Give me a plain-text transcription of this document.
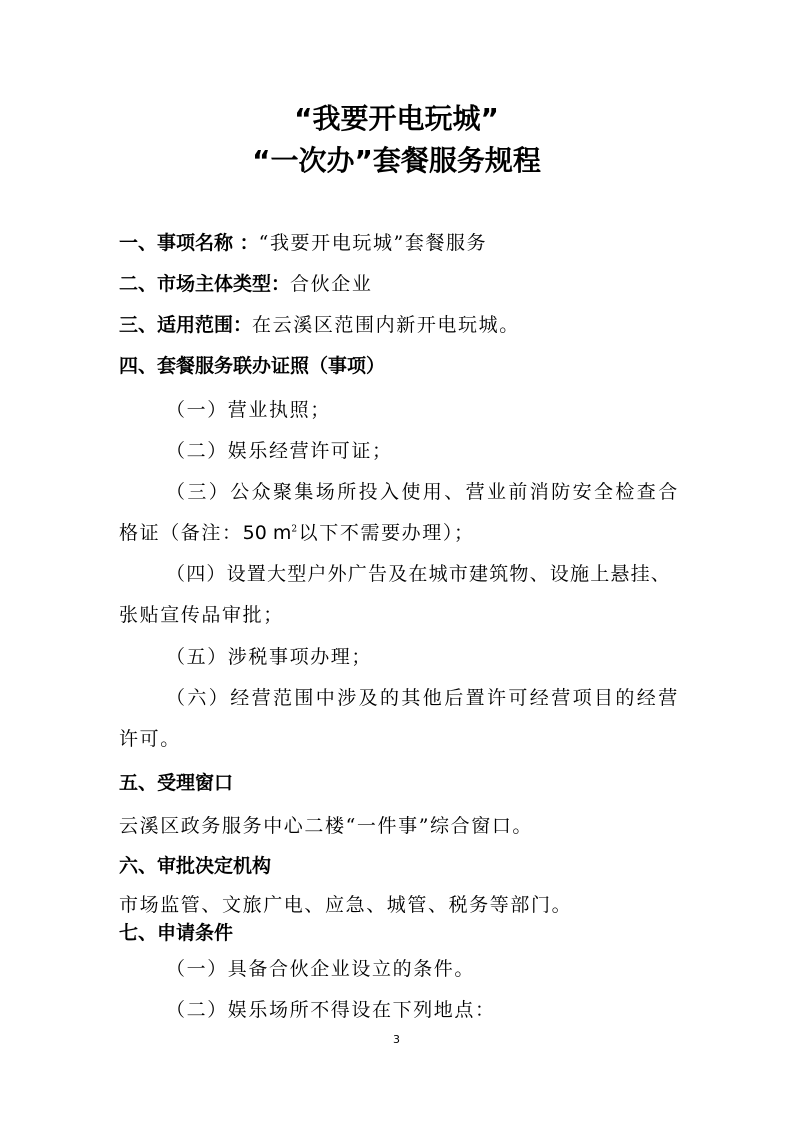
“我要开电玩城”
“一次办”套餐服务规程
一、事项名称 ：“我要开电玩城”套餐服务
二、市场主体类型：合伙企业
三、适用范围：在云溪区范围内新开电玩城。
四、套餐服务联办证照（事项）
（一）营业执照；
（二）娱乐经营许可证；
（三）公众聚集场所投入使用、营业前消防安全检查合
格证（备注：50 $m^2$以下不需要办理）；
（四）设置大型户外广告及在城市建筑物、设施上悬挂、
张贴宣传品审批；
（五）涉税事项办理；
（六）经营范围中涉及的其他后置许可经营项目的经营
许可。
五、受理窗口
云溪区政务服务中心二楼“一件事”综合窗口。
六、审批决定机构
市场监管、文旅广电、应急、城管、税务等部门。
七、申请条件
（一）具备合伙企业设立的条件。
（二）娱乐场所不得设在下列地点：
3
